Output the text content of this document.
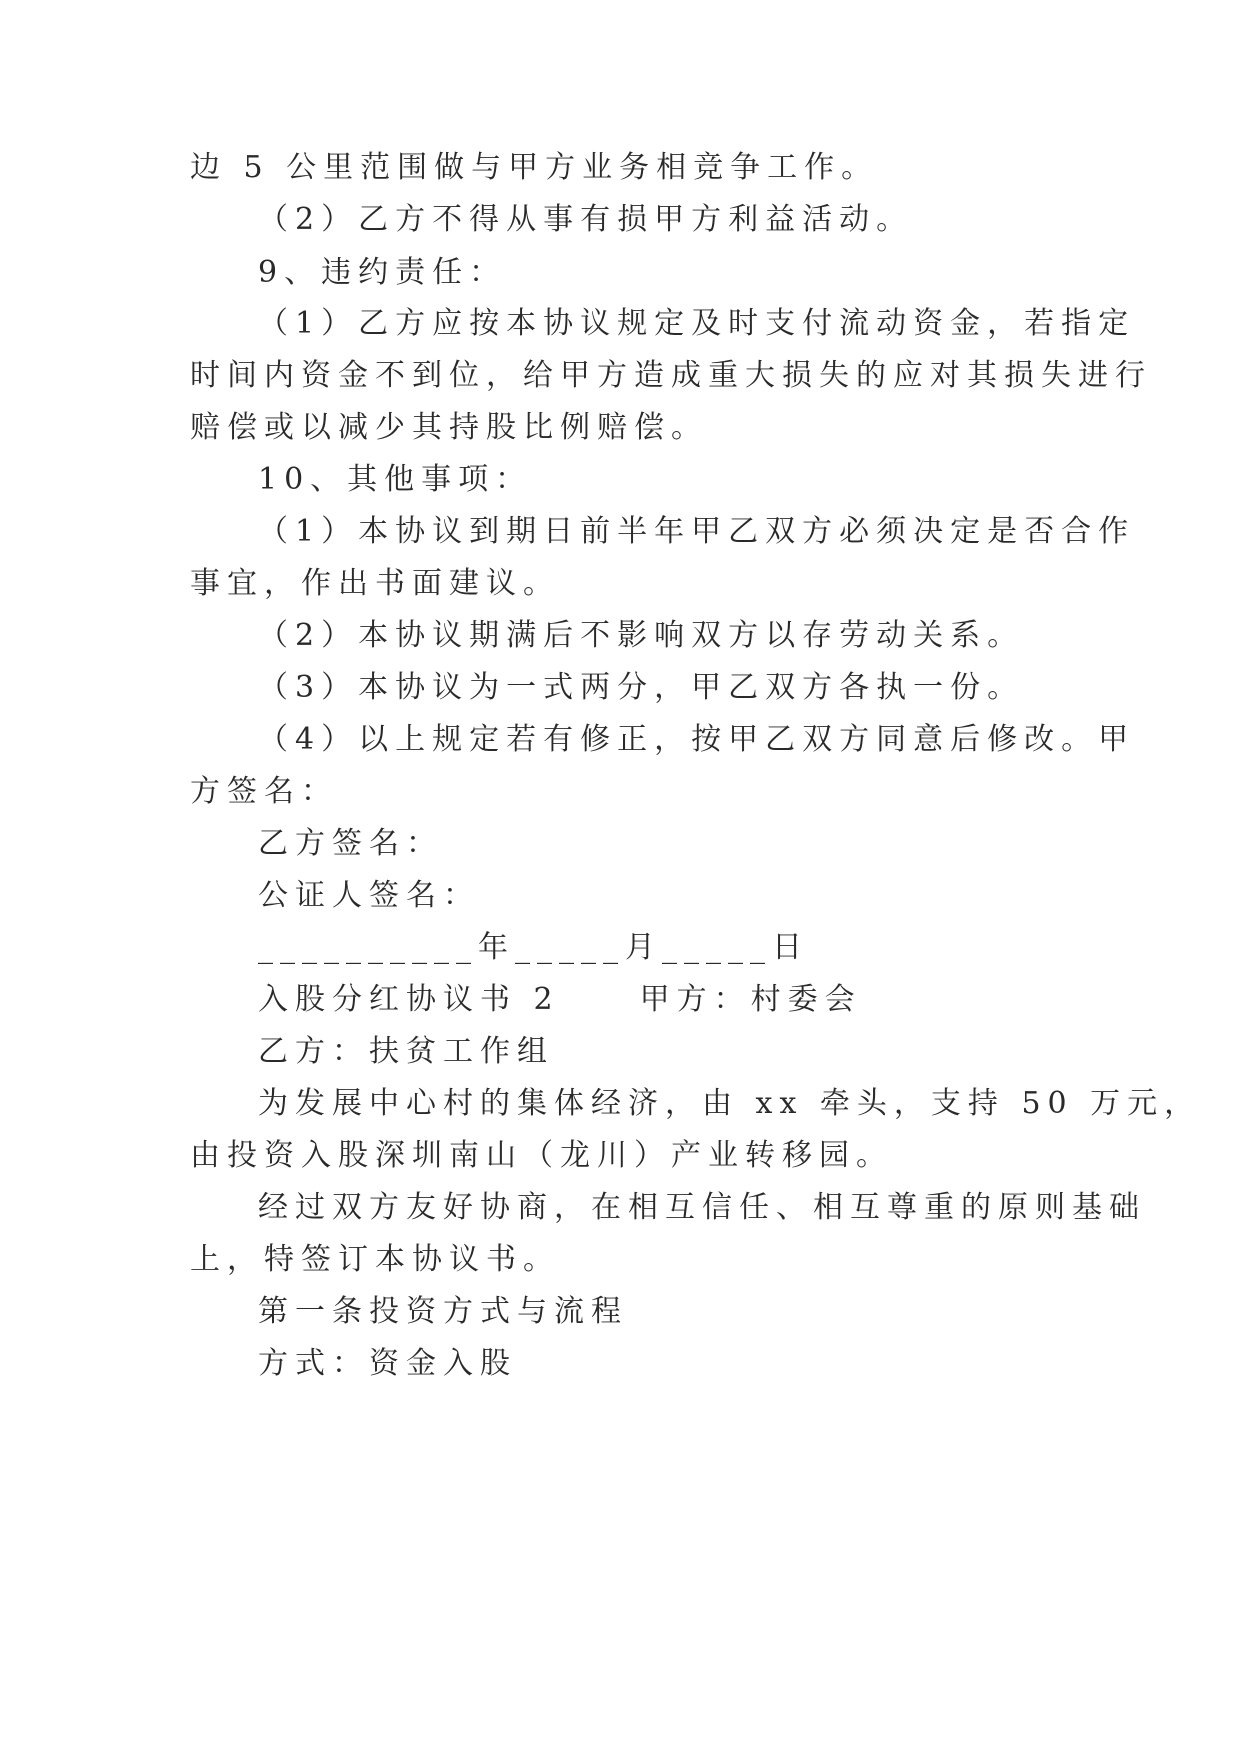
边 5 公里范围做与甲方业务相竞争工作。
（2）乙方不得从事有损甲方利益活动。
9、违约责任：
（1）乙方应按本协议规定及时支付流动资金，若指定
时间内资金不到位，给甲方造成重大损失的应对其损失进行
赔偿或以减少其持股比例赔偿。
10、其他事项：
（1）本协议到期日前半年甲乙双方必须决定是否合作
事宜，作出书面建议。
（2）本协议期满后不影响双方以存劳动关系。
（3）本协议为一式两分，甲乙双方各执一份。
（4）以上规定若有修正，按甲乙双方同意后修改。甲
方签名：
乙方签名：
公证人签名：
__________年_____月_____日
入股分红协议书 2	甲方：村委会
乙方：扶贫工作组
为发展中心村的集体经济，由 xx 牵头，支持 50 万元，
由投资入股深圳南山（龙川）产业转移园。
经过双方友好协商，在相互信任、相互尊重的原则基础
上，特签订本协议书。
第一条投资方式与流程
方式：资金入股
